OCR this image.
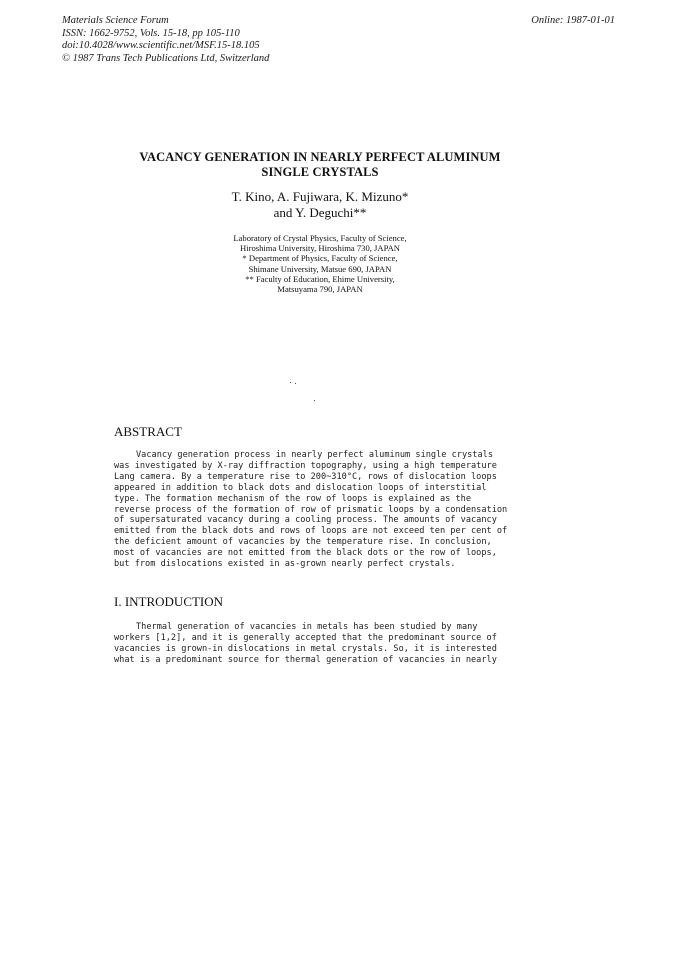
Materials Science Forum
ISSN: 1662-9752, Vols. 15-18, pp 105-110
doi:10.4028/www.scientific.net/MSF.15-18.105
© 1987 Trans Tech Publications Ltd, Switzerland
Online: 1987-01-01
VACANCY GENERATION IN NEARLY PERFECT ALUMINUM
SINGLE CRYSTALS
T. Kino, A. Fujiwara, K. Mizuno*
and Y. Deguchi**
Laboratory of Crystal Physics, Faculty of Science,
Hiroshima University, Hiroshima 730, JAPAN
* Department of Physics, Faculty of Science,
Shimane University, Matsue 690, JAPAN
** Faculty of Education, Ehime University,
Matsuyama 790, JAPAN
ABSTRACT
Vacancy generation process in nearly perfect aluminum single crystals
was investigated by X-ray diffraction topography, using a high temperature
Lang camera. By a temperature rise to 200~310°C, rows of dislocation loops
appeared in addition to black dots and dislocation loops of interstitial
type. The formation mechanism of the row of loops is explained as the
reverse process of the formation of row of prismatic loops by a condensation
of supersaturated vacancy during a cooling process. The amounts of vacancy
emitted from the black dots and rows of loops are not exceed ten per cent of
the deficient amount of vacancies by the temperature rise. In conclusion,
most of vacancies are not emitted from the black dots or the row of loops,
but from dislocations existed in as-grown nearly perfect crystals.
I. INTRODUCTION
Thermal generation of vacancies in metals has been studied by many
workers [1,2], and it is generally accepted that the predominant source of
vacancies is grown-in dislocations in metal crystals. So, it is interested
what is a predominant source for thermal generation of vacancies in nearly
